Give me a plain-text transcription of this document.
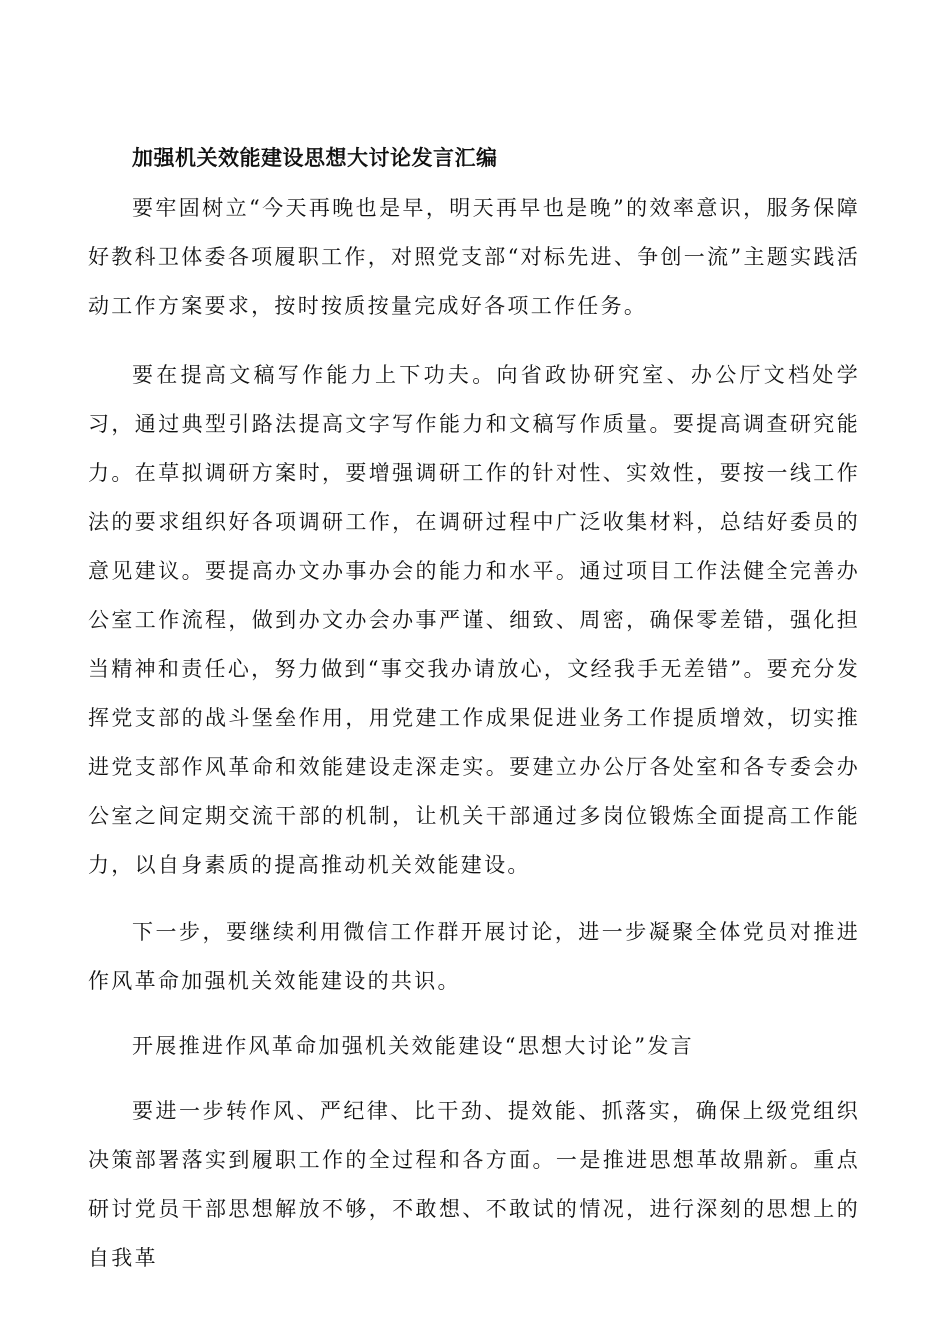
加强机关效能建设思想大讨论发言汇编

要牢固树立“今天再晚也是早，明天再早也是晚”的效率意识，服务保障好教科卫体委各项履职工作，对照党支部“对标先进、争创一流”主题实践活动工作方案要求，按时按质按量完成好各项工作任务。

要在提高文稿写作能力上下功夫。向省政协研究室、办公厅文档处学习，通过典型引路法提高文字写作能力和文稿写作质量。要提高调查研究能力。在草拟调研方案时，要增强调研工作的针对性、实效性，要按一线工作法的要求组织好各项调研工作，在调研过程中广泛收集材料，总结好委员的意见建议。要提高办文办事办会的能力和水平。通过项目工作法健全完善办公室工作流程，做到办文办会办事严谨、细致、周密，确保零差错，强化担当精神和责任心，努力做到“事交我办请放心，文经我手无差错”。要充分发挥党支部的战斗堡垒作用，用党建工作成果促进业务工作提质增效，切实推进党支部作风革命和效能建设走深走实。要建立办公厅各处室和各专委会办公室之间定期交流干部的机制，让机关干部通过多岗位锻炼全面提高工作能力，以自身素质的提高推动机关效能建设。

下一步，要继续利用微信工作群开展讨论，进一步凝聚全体党员对推进作风革命加强机关效能建设的共识。

开展推进作风革命加强机关效能建设“思想大讨论”发言

要进一步转作风、严纪律、比干劲、提效能、抓落实，确保上级党组织决策部署落实到履职工作的全过程和各方面。一是推进思想革故鼎新。重点研讨党员干部思想解放不够，不敢想、不敢试的情况，进行深刻的思想上的自我革
